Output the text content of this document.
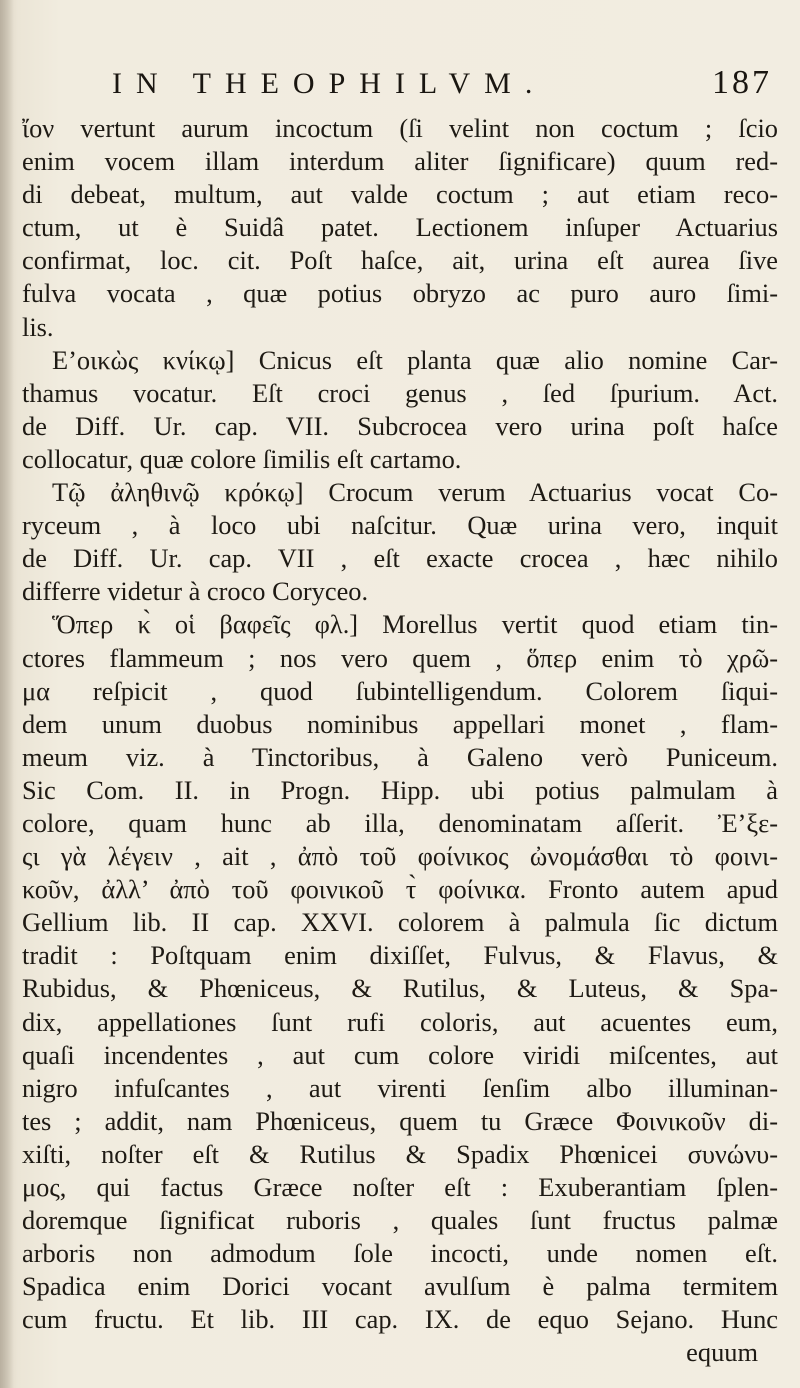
IN THEOPHILVM.	187
ἴον vertunt aurum incoctum (ſi velint non coctum ; ſcio
enim vocem illam interdum aliter ſignificare) quum red-
di debeat, multum, aut valde coctum ; aut etiam reco-
ctum, ut è Suidâ patet. Lectionem inſuper Actuarius
confirmat, loc. cit. Poſt haſce, ait, urina eſt aurea ſive
fulva vocata , quæ potius obryzo ac puro auro ſimi-
lis.
E’οικὼς κνίκῳ] Cnicus eſt planta quæ alio nomine Car-
thamus vocatur. Eſt croci genus , ſed ſpurium. Act.
de Diff. Ur. cap. VII. Subcrocea vero urina poſt haſce
collocatur, quæ colore ſimilis eſt cartamo.
Τῷ ἀληθινῷ κρόκῳ] Crocum verum Actuarius vocat Co-
ryceum , à loco ubi naſcitur. Quæ urina vero, inquit
de Diff. Ur. cap. VII , eſt exacte crocea , hæc nihilo
differre videtur à croco Coryceo.
Ὅπερ κ̀ οἱ βαφεῖς φλ.] Morellus vertit quod etiam tin-
ctores flammeum ; nos vero quem , ὅπερ enim τὸ χρῶ-
μα reſpicit , quod ſubintelligendum. Colorem ſiqui-
dem unum duobus nominibus appellari monet , flam-
meum viz. à Tinctoribus, à Galeno verò Puniceum.
Sic Com. II. in Progn. Hipp. ubi potius palmulam à
colore, quam hunc ab illa, denominatam aſſerit. Ἐ’ξε-
ςι γὰ λέγειν , ait , ἀπὸ τοῦ φοίνικος ὠνομάσθαι τὸ φοινι-
κοῦν, ἀλλ’ ἀπὸ τοῦ φοινικοῦ τ̀ φοίνικα. Fronto autem apud
Gellium lib. II cap. XXVI. colorem à palmula ſic dictum
tradit : Poſtquam enim dixiſſet, Fulvus, & Flavus, &
Rubidus, & Phœniceus, & Rutilus, & Luteus, & Spa-
dix, appellationes ſunt rufi coloris, aut acuentes eum,
quaſi incendentes , aut cum colore viridi miſcentes, aut
nigro infuſcantes , aut virenti ſenſim albo illuminan-
tes ; addit, nam Phœniceus, quem tu Græce Φοινικοῦν di-
xiſti, noſter eſt & Rutilus & Spadix Phœnicei συνώνυ-
μος, qui factus Græce noſter eſt : Exuberantiam ſplen-
doremque ſignificat ruboris , quales ſunt fructus palmæ
arboris non admodum ſole incocti, unde nomen eſt.
Spadica enim Dorici vocant avulſum è palma termitem
cum fructu. Et lib. III cap. IX. de equo Sejano. Hunc
equum
